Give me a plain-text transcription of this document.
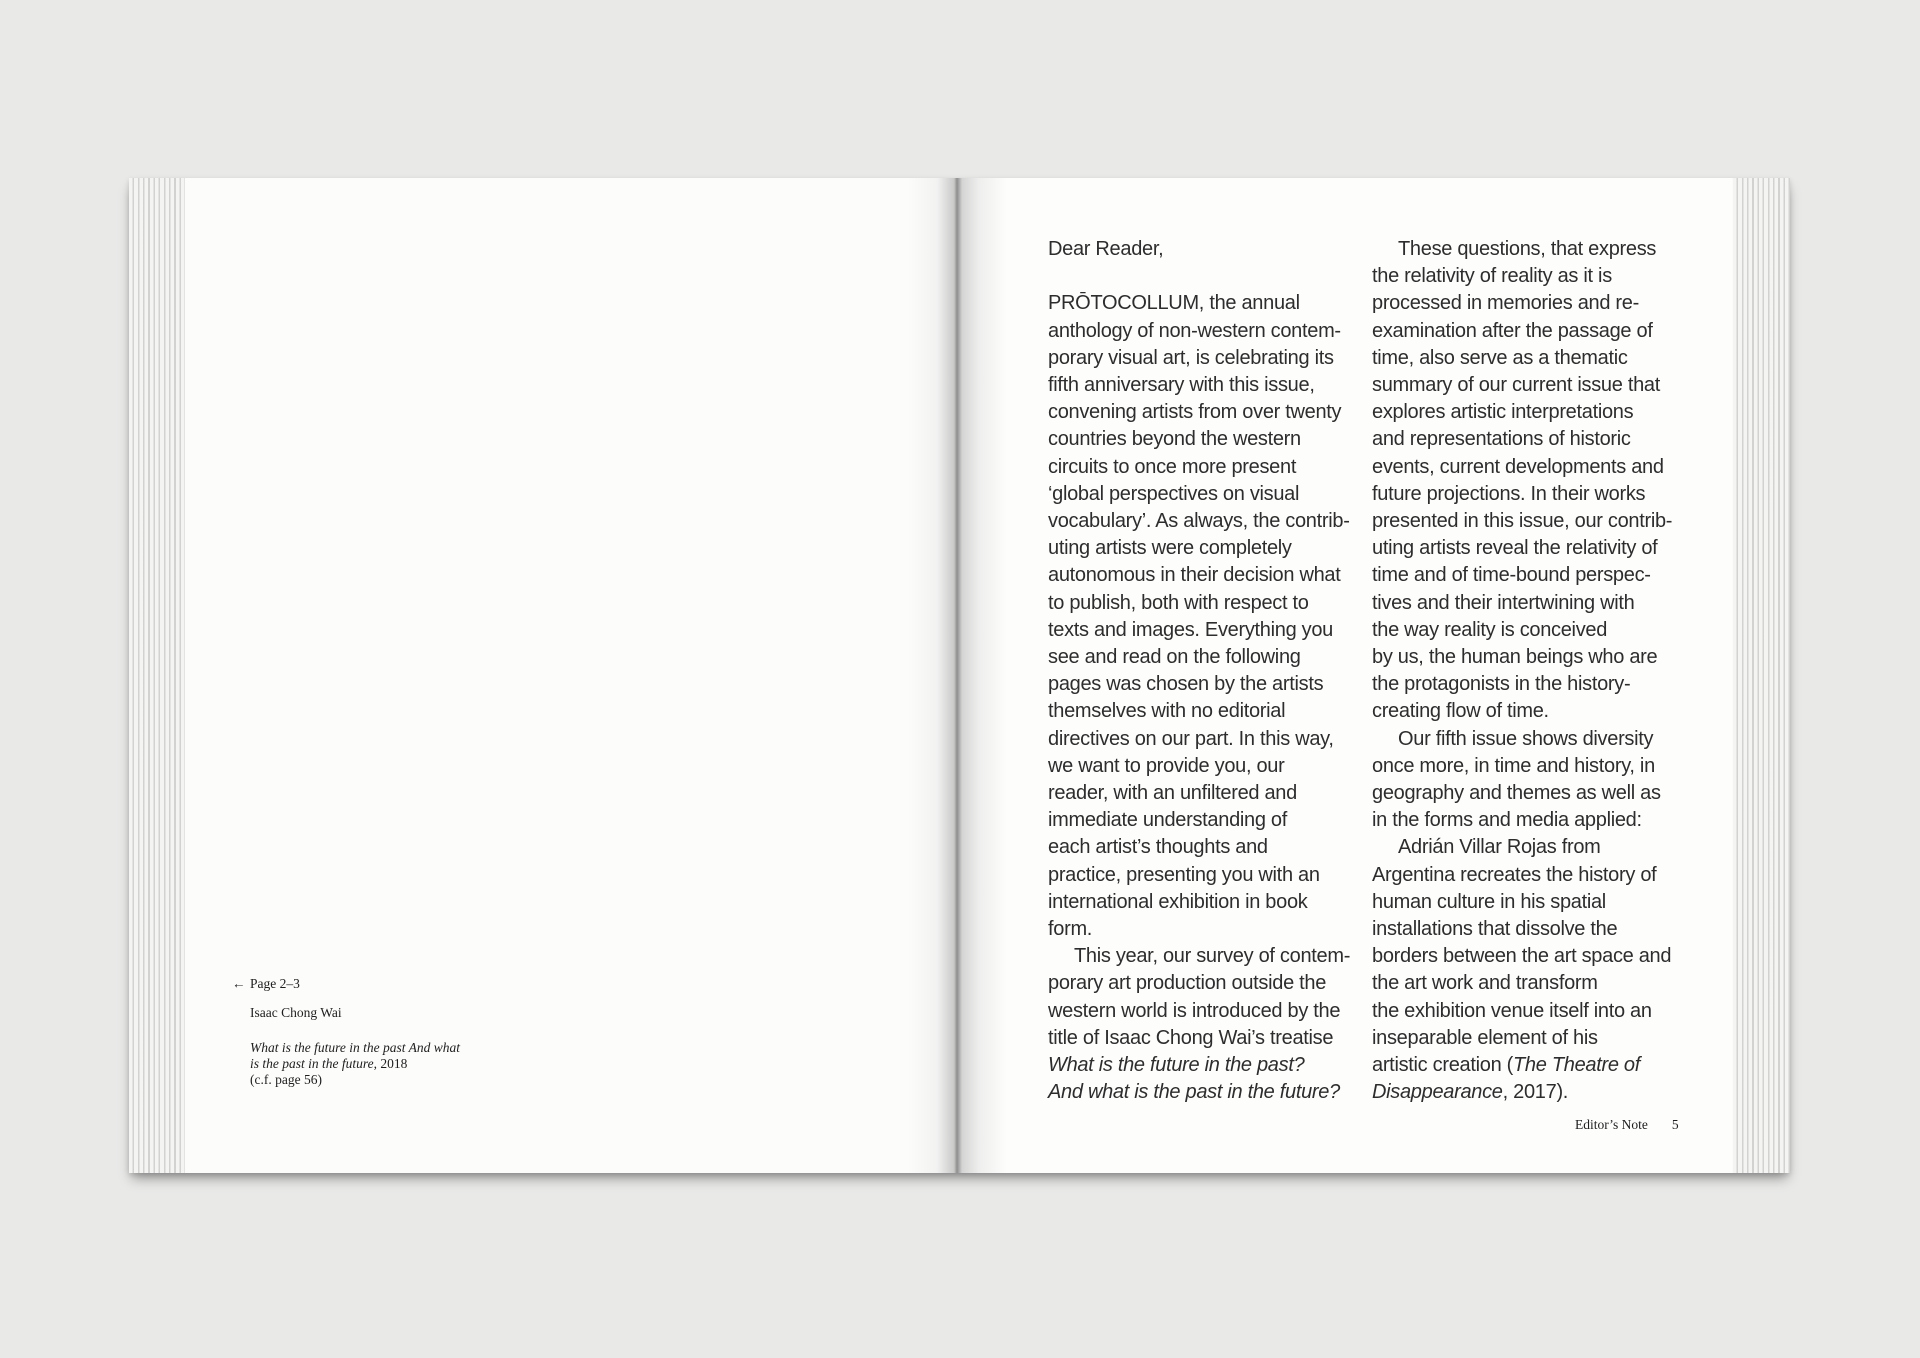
← Page 2–3
Isaac Chong Wai
What is the future in the past And what
is the past in the future, 2018
(c.f. page 56)
Dear Reader,

PRŌTOCOLLUM, the annual
anthology of non-western contem-
porary visual art, is celebrating its
fifth anniversary with this issue,
convening artists from over twenty
countries beyond the western
circuits to once more present
‘global perspectives on visual
vocabulary’. As always, the contrib-
uting artists were completely
autonomous in their decision what
to publish, both with respect to
texts and images. Everything you
see and read on the following
pages was chosen by the artists
themselves with no editorial
directives on our part. In this way,
we want to provide you, our
reader, with an unfiltered and
immediate understanding of
each artist’s thoughts and
practice, presenting you with an
international exhibition in book
form.
This year, our survey of contem-
porary art production outside the
western world is introduced by the
title of Isaac Chong Wai’s treatise
What is the future in the past?
And what is the past in the future?
These questions, that express
the relativity of reality as it is
processed in memories and re-
examination after the passage of
time, also serve as a thematic
summary of our current issue that
explores artistic interpretations
and representations of historic
events, current developments and
future projections. In their works
presented in this issue, our contrib-
uting artists reveal the relativity of
time and of time-bound perspec-
tives and their intertwining with
the way reality is conceived
by us, the human beings who are
the protagonists in the history-
creating flow of time.
Our fifth issue shows diversity
once more, in time and history, in
geography and themes as well as
in the forms and media applied:
Adrián Villar Rojas from
Argentina recreates the history of
human culture in his spatial
installations that dissolve the
borders between the art space and
the art work and transform
the exhibition venue itself into an
inseparable element of his
artistic creation (The Theatre of
Disappearance, 2017).
Editor’s Note 5
